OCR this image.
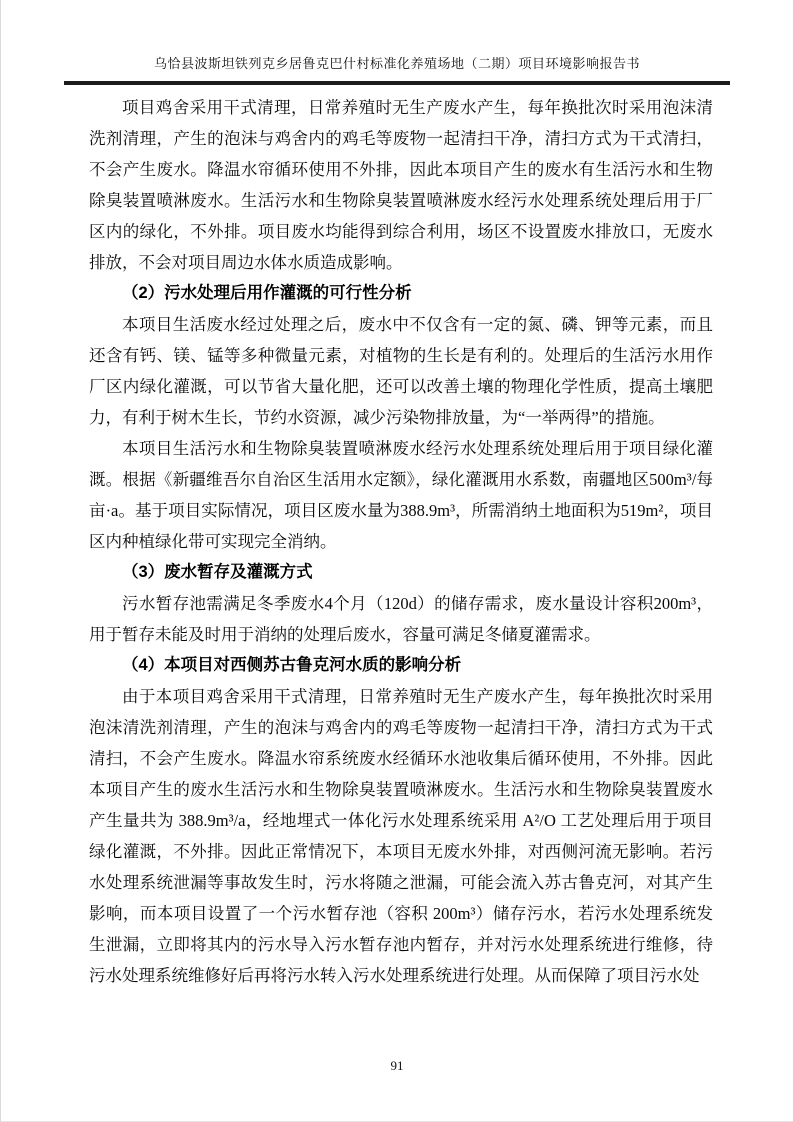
乌恰县波斯坦铁列克乡居鲁克巴什村标准化养殖场地（二期）项目环境影响报告书

项目鸡舍采用干式清理，日常养殖时无生产废水产生，每年换批次时采用泡沫清洗剂清理，产生的泡沫与鸡舍内的鸡毛等废物一起清扫干净，清扫方式为干式清扫，不会产生废水。降温水帘循环使用不外排，因此本项目产生的废水有生活污水和生物除臭装置喷淋废水。生活污水和生物除臭装置喷淋废水经污水处理系统处理后用于厂区内的绿化，不外排。项目废水均能得到综合利用，场区不设置废水排放口，无废水排放，不会对项目周边水体水质造成影响。

（2）污水处理后用作灌溉的可行性分析

本项目生活废水经过处理之后，废水中不仅含有一定的氮、磷、钾等元素，而且还含有钙、镁、锰等多种微量元素，对植物的生长是有利的。处理后的生活污水用作厂区内绿化灌溉，可以节省大量化肥，还可以改善土壤的物理化学性质，提高土壤肥力，有利于树木生长，节约水资源，减少污染物排放量，为“一举两得”的措施。

本项目生活污水和生物除臭装置喷淋废水经污水处理系统处理后用于项目绿化灌溉。根据《新疆维吾尔自治区生活用水定额》，绿化灌溉用水系数，南疆地区500m³/每亩·a。基于项目实际情况，项目区废水量为388.9m³，所需消纳土地面积为519m²，项目区内种植绿化带可实现完全消纳。

（3）废水暂存及灌溉方式

污水暂存池需满足冬季废水4个月（120d）的储存需求，废水量设计容积200m³，用于暂存未能及时用于消纳的处理后废水，容量可满足冬储夏灌需求。

（4）本项目对西侧苏古鲁克河水质的影响分析

由于本项目鸡舍采用干式清理，日常养殖时无生产废水产生，每年换批次时采用泡沫清洗剂清理，产生的泡沫与鸡舍内的鸡毛等废物一起清扫干净，清扫方式为干式清扫，不会产生废水。降温水帘系统废水经循环水池收集后循环使用，不外排。因此本项目产生的废水生活污水和生物除臭装置喷淋废水。生活污水和生物除臭装置废水产生量共为 388.9m³/a，经地埋式一体化污水处理系统采用 A²/O 工艺处理后用于项目绿化灌溉，不外排。因此正常情况下，本项目无废水外排，对西侧河流无影响。若污水处理系统泄漏等事故发生时，污水将随之泄漏，可能会流入苏古鲁克河，对其产生影响，而本项目设置了一个污水暂存池（容积 200m³）储存污水，若污水处理系统发生泄漏，立即将其内的污水导入污水暂存池内暂存，并对污水处理系统进行维修，待污水处理系统维修好后再将污水转入污水处理系统进行处理。从而保障了项目污水处

91
